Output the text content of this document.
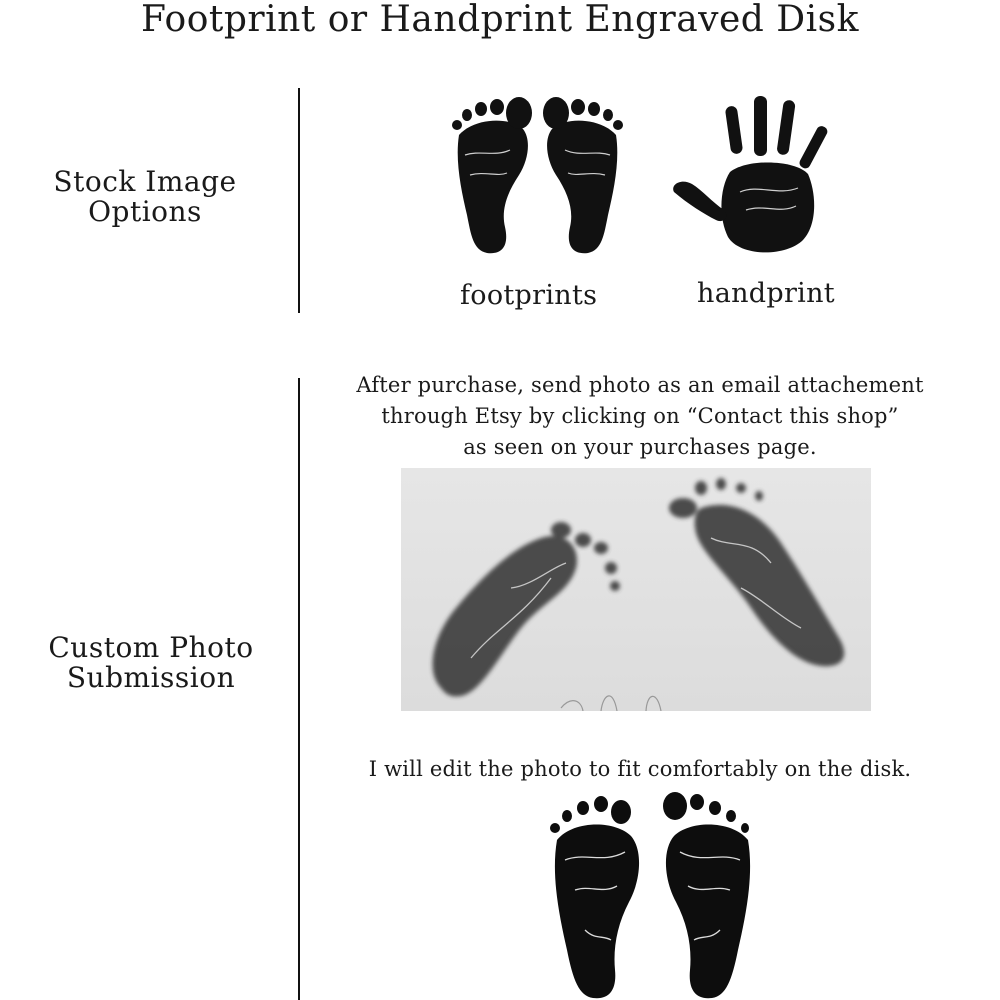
Footprint or Handprint Engraved Disk
Stock Image
Options
footprints	handprint
Custom Photo
Submission
After purchase, send photo as an email attachement
through Etsy by clicking on “Contact this shop”
as seen on your purchases page.
I will edit the photo to fit comfortably on the disk.
